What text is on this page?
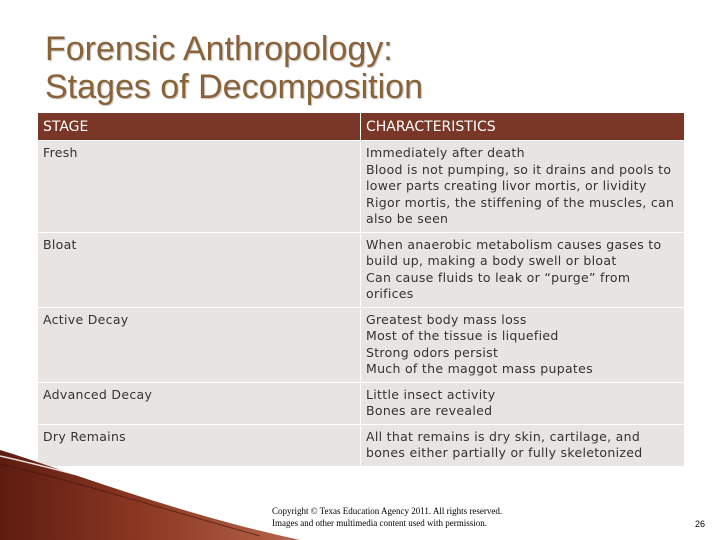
Forensic Anthropology:
Stages of Decomposition
STAGE	CHARACTERISTICS
Fresh	Immediately after death
Blood is not pumping, so it drains and pools to lower parts creating livor mortis, or lividity
Rigor mortis, the stiffening of the muscles, can also be seen

Bloat	When anaerobic metabolism causes gases to build up, making a body swell or bloat
Can cause fluids to leak or “purge” from orifices

Active Decay	Greatest body mass loss
Most of the tissue is liquefied
Strong odors persist
Much of the maggot mass pupates

Advanced Decay	Little insect activity
Bones are revealed

Dry Remains	All that remains is dry skin, cartilage, and bones either partially or fully skeletonized
Copyright © Texas Education Agency 2011. All rights reserved.
Images and other multimedia content used with permission.	26
